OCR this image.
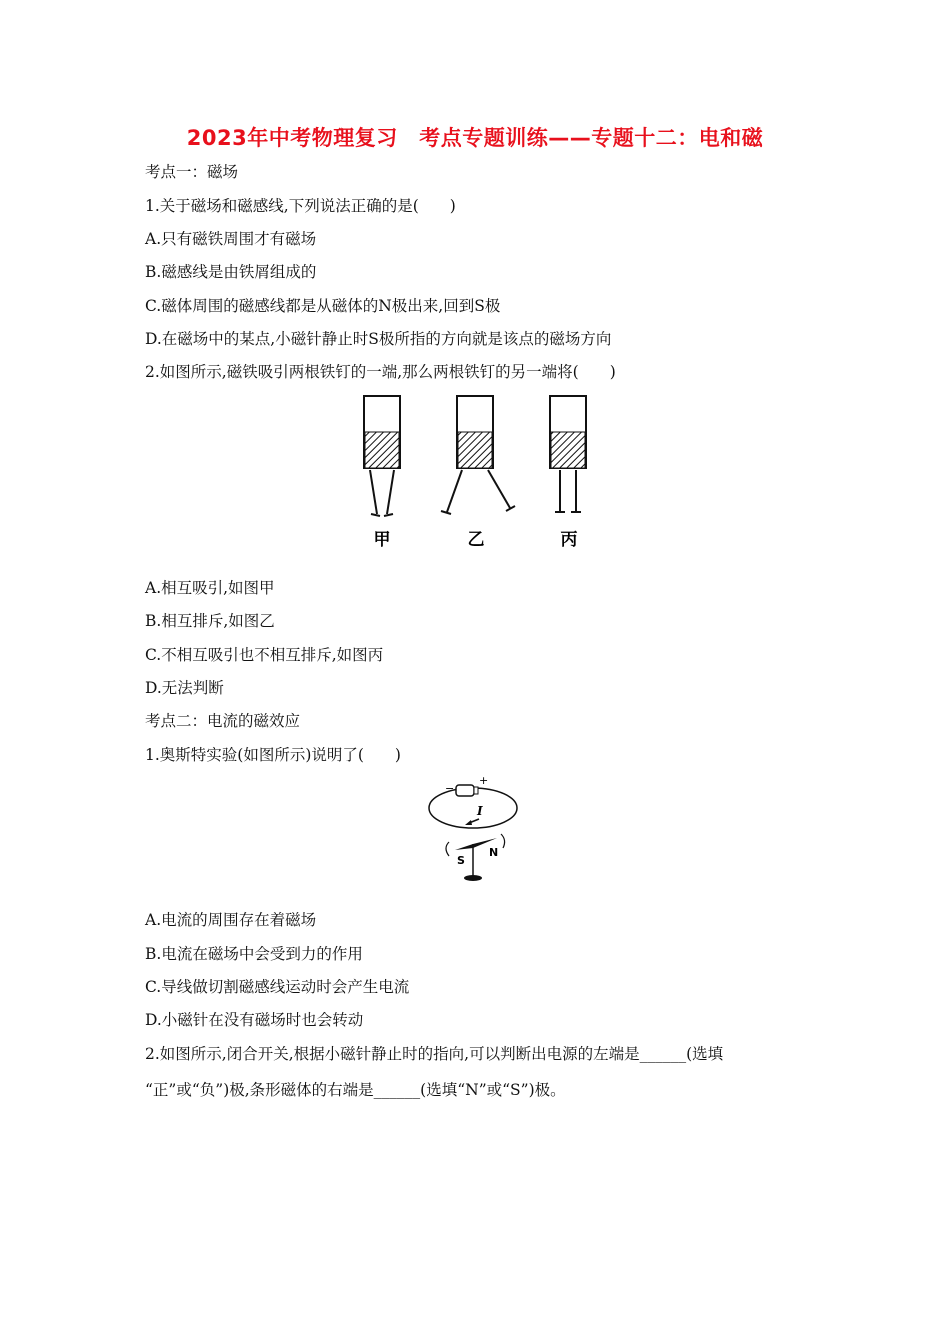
2023年中考物理复习　考点专题训练——专题十二：电和磁
考点一：磁场
1.关于磁场和磁感线,下列说法正确的是(　　)
A.只有磁铁周围才有磁场
B.磁感线是由铁屑组成的
C.磁体周围的磁感线都是从磁体的N极出来,回到S极
D.在磁场中的某点,小磁针静止时S极所指的方向就是该点的磁场方向
2.如图所示,磁铁吸引两根铁钉的一端,那么两根铁钉的另一端将(　　)
甲	乙	丙
A.相互吸引,如图甲
B.相互排斥,如图乙
C.不相互吸引也不相互排斥,如图丙
D.无法判断
考点二：电流的磁效应
1.奥斯特实验(如图所示)说明了(　　)
−
+
I
S
N
A.电流的周围存在着磁场
B.电流在磁场中会受到力的作用
C.导线做切割磁感线运动时会产生电流
D.小磁针在没有磁场时也会转动
2.如图所示,闭合开关,根据小磁针静止时的指向,可以判断出电源的左端是______(选填
“正”或“负”)极,条形磁体的右端是______(选填“N”或“S”)极。
